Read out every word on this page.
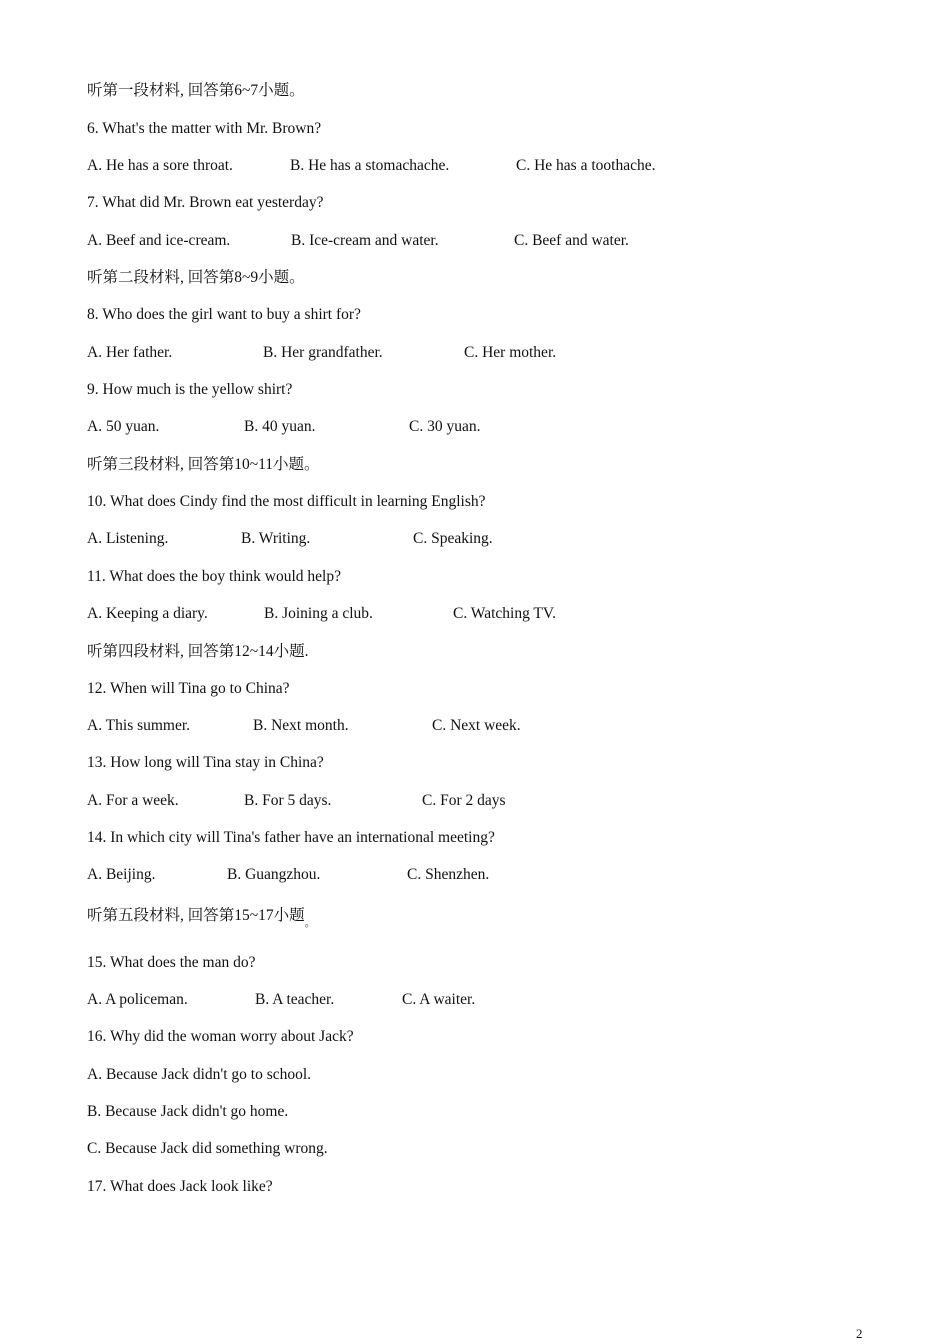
听第一段材料, 回答第6~7小题。
6. What's the matter with Mr. Brown?
A. He has a sore throat.	B. He has a stomachache.	C. He has a toothache.
7. What did Mr. Brown eat yesterday?
A. Beef and ice-cream.	B. Ice-cream and water.	C. Beef and water.
听第二段材料, 回答第8~9小题。
8. Who does the girl want to buy a shirt for?
A. Her father.	B. Her grandfather.	C. Her mother.
9. How much is the yellow shirt?
A. 50 yuan.	B. 40 yuan.	C. 30 yuan.
听第三段材料, 回答第10~11小题。
10. What does Cindy find the most difficult in learning English?
A. Listening.	B. Writing.	C. Speaking.
11. What does the boy think would help?
A. Keeping a diary.	B. Joining a club.	C. Watching TV.
听第四段材料, 回答第12~14小题.
12. When will Tina go to China?
A. This summer.	B. Next month.	C. Next week.
13. How long will Tina stay in China?
A. For a week.	B. For 5 days.	C. For 2 days
14. In which city will Tina's father have an international meeting?
A. Beijing.	B. Guangzhou.	C. Shenzhen.
听第五段材料, 回答第15~17小题$_。$
15. What does the man do?
A. A policeman.	B. A teacher.	C. A waiter.
16. Why did the woman worry about Jack?
A. Because Jack didn't go to school.
B. Because Jack didn't go home.
C. Because Jack did something wrong.
17. What does Jack look like?
2
